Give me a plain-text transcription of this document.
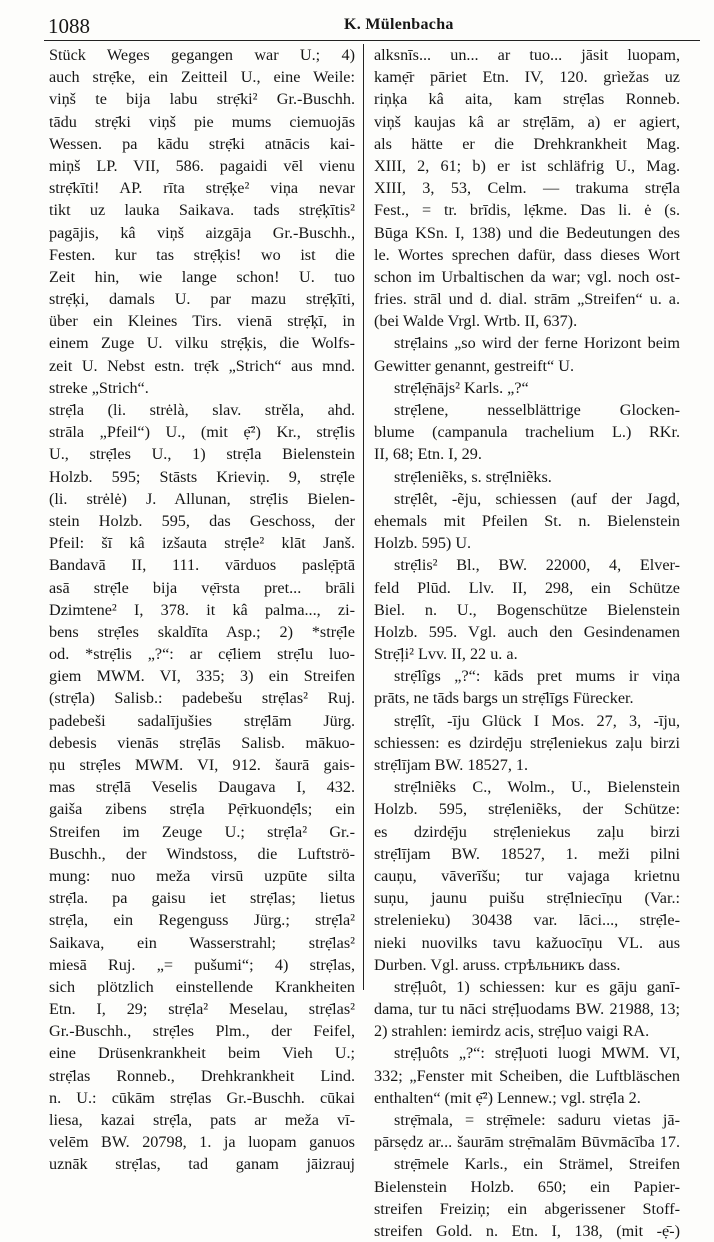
1088	K. Mülenbacha
Stück Weges gegangen war U.; 4)
auch strẹ̄ke, ein Zeitteil U., eine Weile:
viņš te bija labu strẹ̄ki² Gr.-Buschh.
tādu strẹ̄ki viņš pie mums ciemuojās
Wessen. pa kādu strẹ̄ki atnācis kai-
miņš LP. VII, 586. pagaidi vēl vienu
strẹ̄kīti! AP. rīta strẹ̄ķe² viņa nevar
tikt uz lauka Saikava. tads strẹ̄ķītis²
pagājis, kâ viņš aizgāja Gr.-Buschh.,
Festen. kur tas strẹ̄ķis! wo ist die
Zeit hin, wie lange schon! U. tuo
strẹ̄ķi, damals U. par mazu strẹ̄ķīti,
über ein Kleines Tirs. vienā strẹ̄ķī, in
einem Zuge U. vilku strẹ̄ķis, die Wolfs-
zeit U. Nebst estn. trẹ̄k „Strich“ aus mnd.
streke „Strich“.
strẹ̄la (li. strėlà, slav. strěla, ahd.
strāla „Pfeil“) U., (mit ẹ̄²) Kr., strẹ̄lis
U., strẹ̄les U., 1) strẹ̄la Bielenstein
Holzb. 595; Stāsts Krieviņ. 9, strẹ̄le
(li. strėlė) J. Allunan, strẹ̄lis Bielen-
stein Holzb. 595, das Geschoss, der
Pfeil: šī kâ izšauta strẹ̄le² klāt Janš.
Bandavā II, 111. vārduos paslẹ̄ptā
asā strẹ̄le bija vẹ̄rsta pret... brāli
Dzimtene² I, 378. it kâ palma..., zi-
bens strẹ̄les skaldīta Asp.; 2) *strẹ̄le
od. *strẹ̄lis „?“: ar cẹ̄liem strẹ̄lu luo-
giem MWM. VI, 335; 3) ein Streifen
(strẹ̄la) Salisb.: padebešu strẹ̄las² Ruj.
padebeši sadalījušies strẹ̄lām Jürg.
debesis vienās strẹ̄lās Salisb. mākuo-
ņu strẹ̄les MWM. VI, 912. šaurā gais-
mas strẹ̄lā Veselis Daugava I, 432.
gaiša zibens strẹ̄la Pẹ̄rkuondẹ̄ls; ein
Streifen im Zeuge U.; strẹ̄la² Gr.-
Buschh., der Windstoss, die Luftströ-
mung: nuo meža virsū uzpūte silta
strẹ̄la. pa gaisu iet strẹ̄las; lietus
strẹ̄la, ein Regenguss Jürg.; strẹ̄la²
Saikava, ein Wasserstrahl; strẹ̄las²
miesā Ruj. „= pušumi“; 4) strẹ̄las,
sich plötzlich einstellende Krankheiten
Etn. I, 29; strẹ̄la² Meselau, strẹ̄las²
Gr.-Buschh., strẹ̄les Plm., der Feifel,
eine Drüsenkrankheit beim Vieh U.;
strẹ̄las Ronneb., Drehkrankheit Lind.
n. U.: cūkām strẹ̄las Gr.-Buschh. cūkai
liesa, kazai strẹ̄la, pats ar meža vī-
velēm BW. 20798, 1. ja luopam ganuos
uznāk strẹ̄las, tad ganam jāizrauj
alksnīs... un... ar tuo... jāsit luopam,
kamẹ̄r pāriet Etn. IV, 120. grìežas uz
riņķa kâ aita, kam strẹ̄las Ronneb.
viņš kaujas kâ ar strẹ̄lām, a) er agiert,
als hätte er die Drehkrankheit Mag.
XIII, 2, 61; b) er ist schläfrig U., Mag.
XIII, 3, 53, Celm. — trakuma strẹ̄la
Fest., = tr. brīdis, lẹ̄kme. Das li. ė (s.
Būga KSn. I, 138) und die Bedeutungen des
le. Wortes sprechen dafür, dass dieses Wort
schon im Urbaltischen da war; vgl. noch ost-
fries. strāl und d. dial. strām „Streifen“ u. a.
(bei Walde Vrgl. Wrtb. II, 637).
strẹ̄lains „so wird der ferne Horizont beim
Gewitter genannt, gestreift“ U.
strẹ̄lẹ̄nājs² Karls. „?“
strẹ̄lene, nesselblättrige Glocken-
blume (campanula trachelium L.) RKr.
II, 68; Etn. I, 29.
strẹ̄leniẽks, s. strẹ̄lniẽks.
strẹ̄lêt, -ẽju, schiessen (auf der Jagd,
ehemals mit Pfeilen St. n. Bielenstein
Holzb. 595) U.
strẹ̄lis² Bl., BW. 22000, 4, Elver-
feld Plūd. Llv. II, 298, ein Schütze
Biel. n. U., Bogenschütze Bielenstein
Holzb. 595. Vgl. auch den Gesindenamen
Strẹ̄ļi² Lvv. II, 22 u. a.
strẹ̄lîgs „?“: kāds pret mums ir viņa
prāts, ne tāds bargs un strẹ̄līgs Fürecker.
strẹ̄lît, -īju Glück I Mos. 27, 3, -īju,
schiessen: es dzirdẹ̄ju strẹ̄leniekus zaļu birzi
strẹ̄līјam BW. 18527, 1.
strẹ̄lniẽks C., Wolm., U., Bielenstein
Holzb. 595, strẹ̄leniẽks, der Schütze:
es dzirdẹ̄ju strẹ̄leniekus zaļu birzi
strẹ̄lījam BW. 18527, 1. meži pilni
cauņu, vāverīšu; tur vajaga krietnu
suņu, jaunu puišu strẹ̄lniecīņu (Var.:
strelenieku) 30438 var. lāci..., strẹ̄le-
nieki nuovilks tavu kažuocīņu VL. aus
Durben. Vgl. aruss. стрѣльникъ dass.
strẹ̄ļuôt, 1) schiessen: kur es gāju ganī-
dama, tur tu nāci strẹ̄ļuodams BW. 21988, 13;
2) strahlen: iemirdz acis, strẹ̄ļuo vaigi RA.
strẹ̄ļuôts „?“: strẹ̄ļuoti luogi MWM. VI,
332; „Fenster mit Scheiben, die Luftbläschen
enthalten“ (mit ẹ̄²) Lennew.; vgl. strẹ̄la 2.
strẹ̄mala, = strẹ̄mele: saduru vietas jā-
pārsẹdz ar... šaurām strẹ̄malām Būvmācība 17.
strẹ̄mele Karls., ein Strämel, Streifen
Bielenstein Holzb. 650; ein Papier-
streifen Freiziņ; ein abgerissener Stoff-
streifen Gold. n. Etn. I, 138, (mit -ẹ̄-)
